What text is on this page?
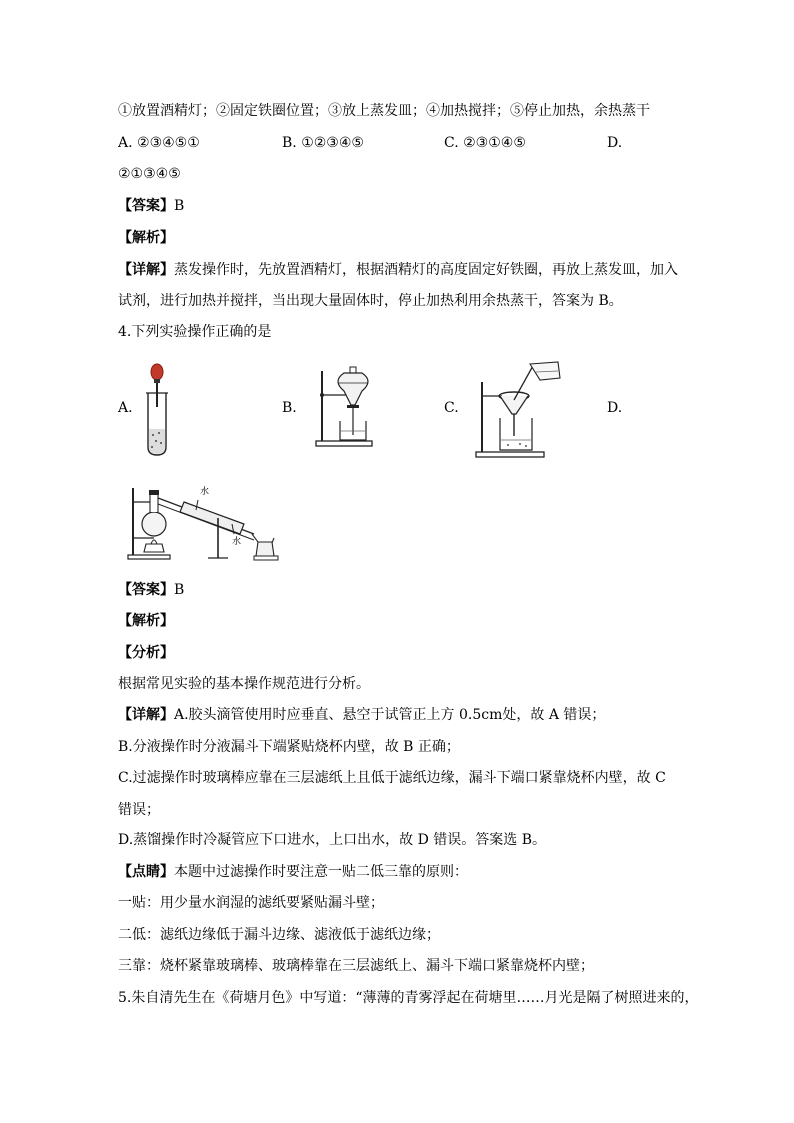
①放置酒精灯；②固定铁圈位置；③放上蒸发皿；④加热搅拌；⑤停止加热，余热蒸干
A. ②③④⑤①	B. ①②③④⑤	C. ②③①④⑤	D.
②①③④⑤
【答案】B
【解析】
【详解】蒸发操作时，先放置酒精灯，根据酒精灯的高度固定好铁圈，再放上蒸发皿，加入
试剂，进行加热并搅拌，当出现大量固体时，停止加热利用余热蒸干，答案为 B。
4.下列实验操作正确的是
A.	B.	C.	D.
水
水
【答案】B
【解析】
【分析】
根据常见实验的基本操作规范进行分析。
【详解】A.胶头滴管使用时应垂直、悬空于试管正上方 0.5cm处，故 A 错误；
B.分液操作时分液漏斗下端紧贴烧杯内壁，故 B 正确；
C.过滤操作时玻璃棒应靠在三层滤纸上且低于滤纸边缘，漏斗下端口紧靠烧杯内壁，故 C
错误；
D.蒸馏操作时冷凝管应下口进水，上口出水，故 D 错误。答案选 B。
【点睛】本题中过滤操作时要注意一贴二低三靠的原则：
一贴：用少量水润湿的滤纸要紧贴漏斗壁；
二低：滤纸边缘低于漏斗边缘、滤液低于滤纸边缘；
三靠：烧杯紧靠玻璃棒、玻璃棒靠在三层滤纸上、漏斗下端口紧靠烧杯内壁；
5.朱自清先生在《荷塘月色》中写道：“薄薄的青雾浮起在荷塘里……月光是隔了树照进来的，
